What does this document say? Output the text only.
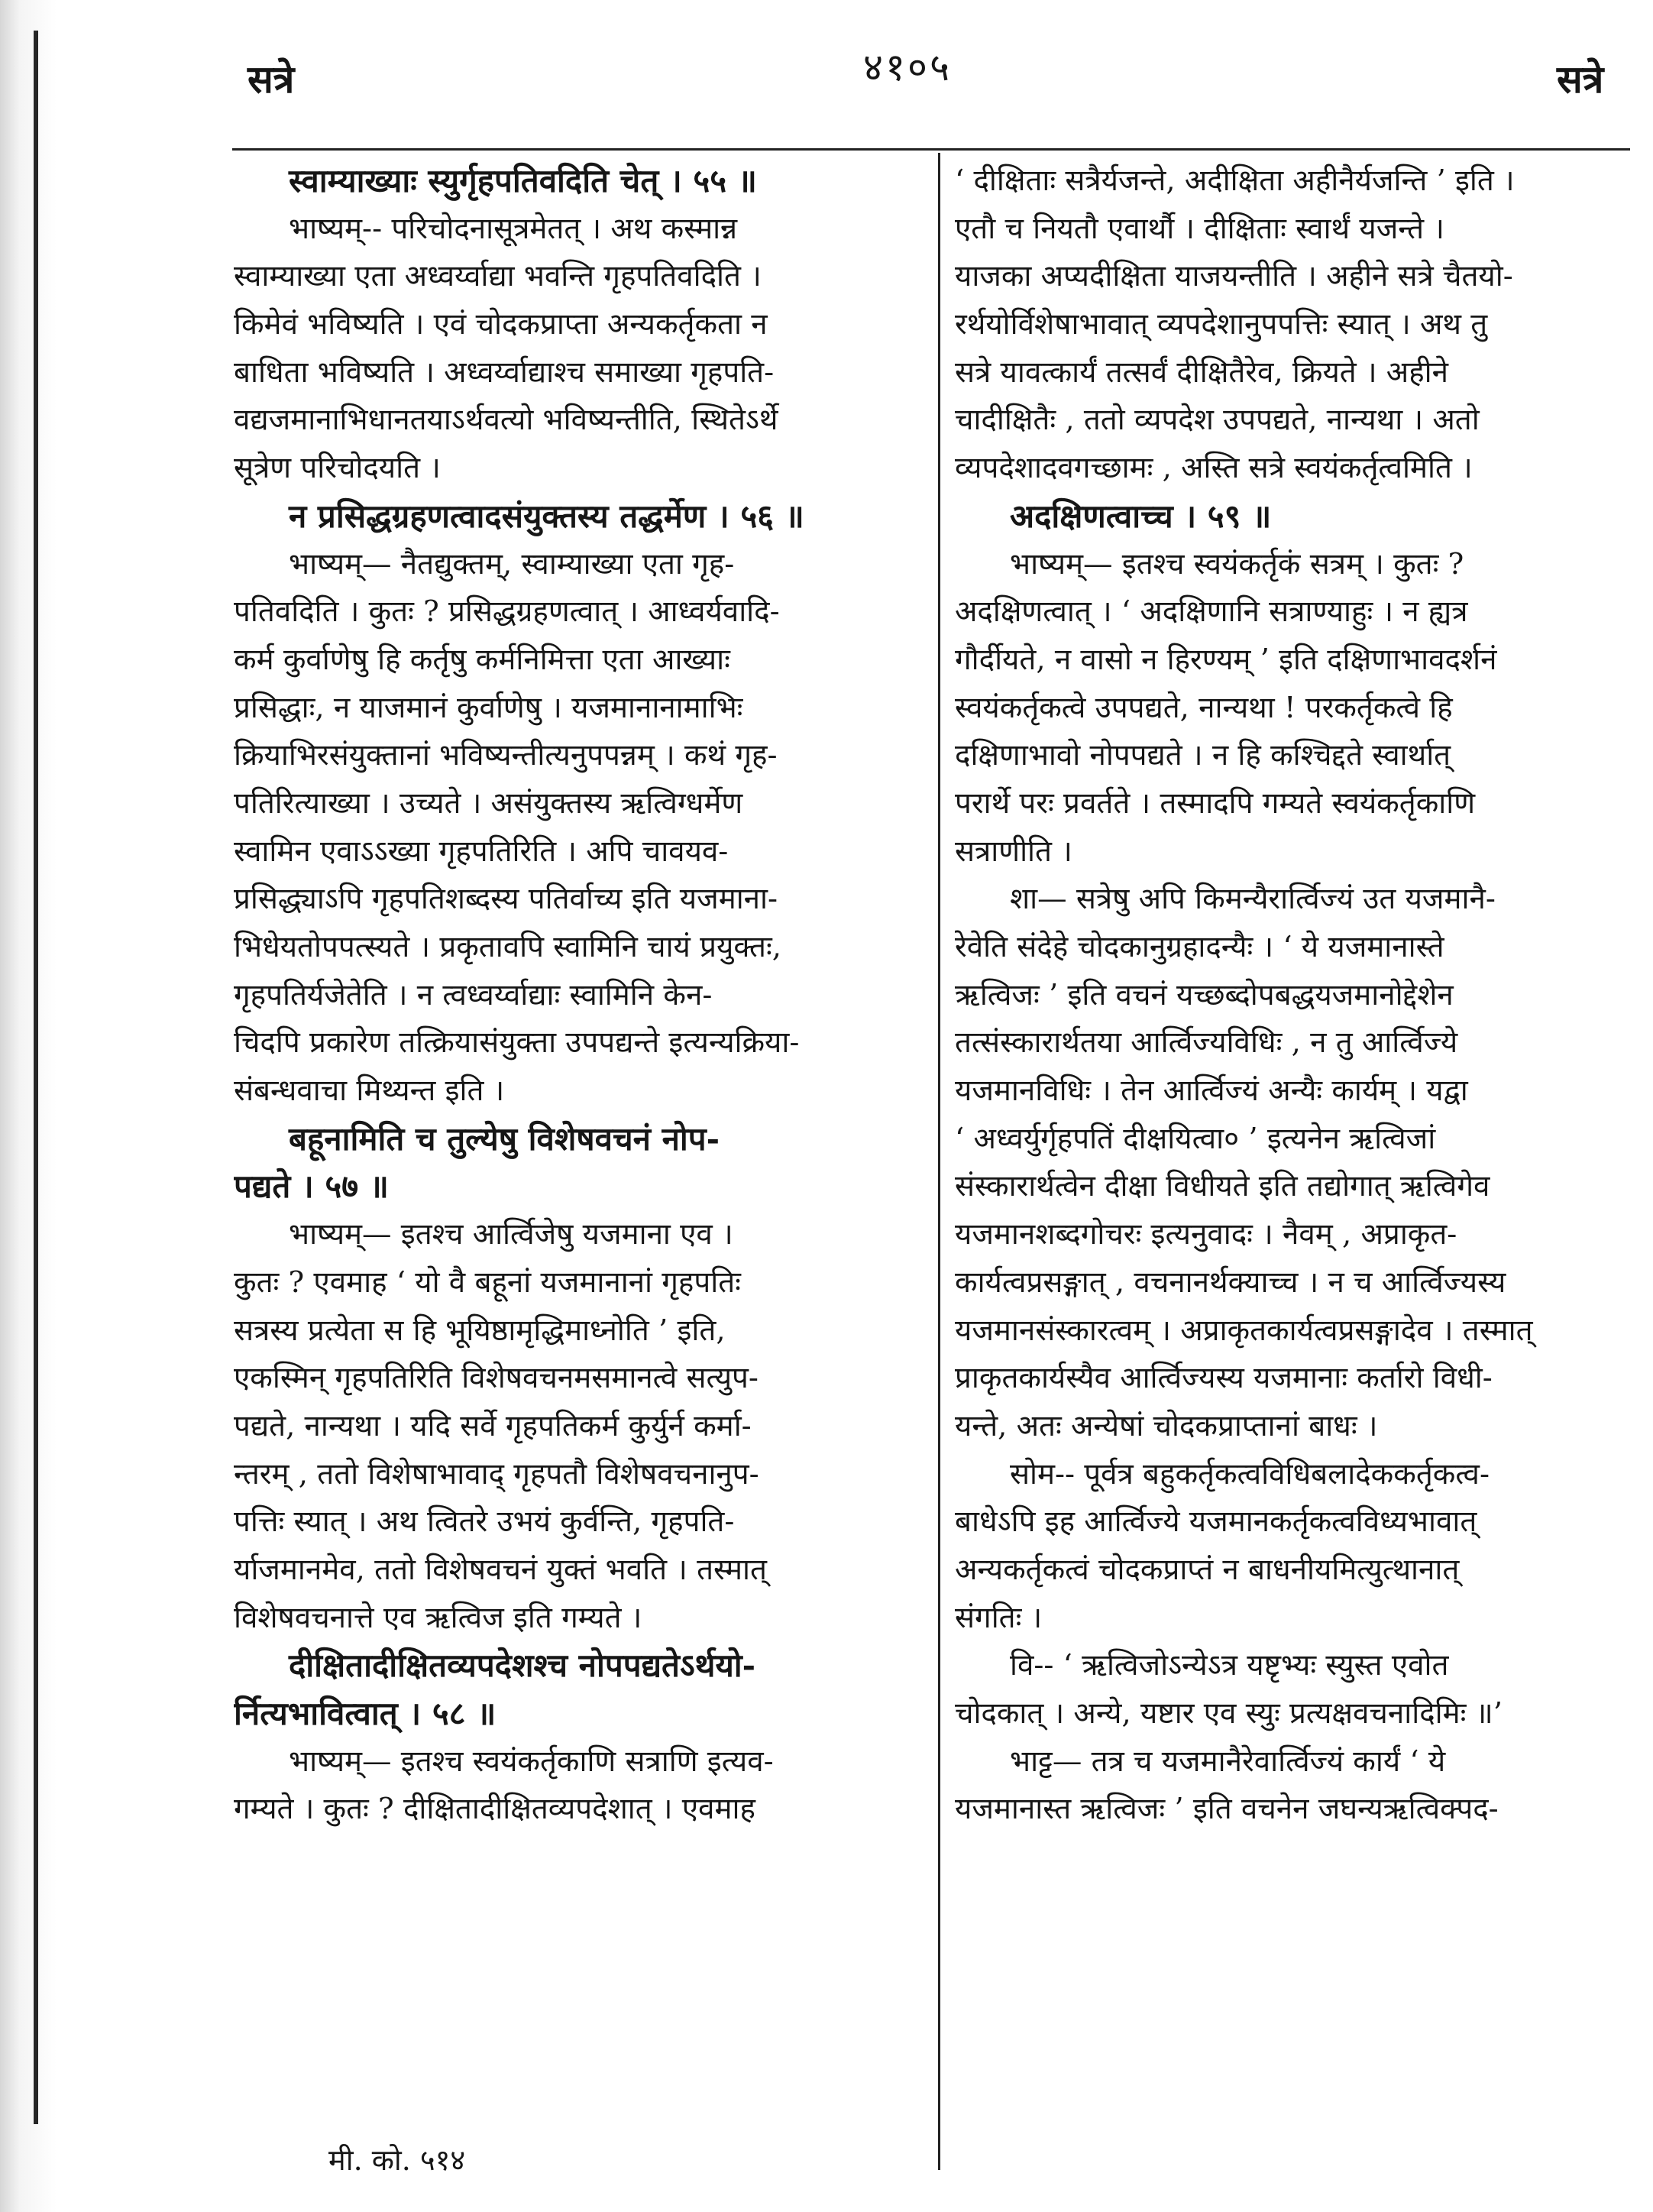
सत्रे	४१०५	सत्रे
स्वाम्याख्याः स्युर्गृहपतिवदिति चेत् । ५५ ॥
भाष्यम्-- परिचोदनासूत्रमेतत् । अथ कस्मान्न
स्वाम्याख्या एता अध्वर्य्वाद्या भवन्ति गृहपतिवदिति ।
किमेवं भविष्यति । एवं चोदकप्राप्ता अन्यकर्तृकता न
बाधिता भविष्यति । अध्वर्य्वाद्याश्च समाख्या गृहपति-
वद्यजमानाभिधानतयाऽर्थवत्यो भविष्यन्तीति, स्थितेऽर्थे
सूत्रेण परिचोदयति ।
न प्रसिद्धग्रहणत्वादसंयुक्तस्य तद्धर्मेण । ५६ ॥
भाष्यम्— नैतद्युक्तम्, स्वाम्याख्या एता गृह-
पतिवदिति । कुतः ? प्रसिद्धग्रहणत्वात् । आध्वर्यवादि-
कर्म कुर्वाणेषु हि कर्तृषु कर्मनिमित्ता एता आख्याः
प्रसिद्धाः, न याजमानं कुर्वाणेषु । यजमानानामाभिः
क्रियाभिरसंयुक्तानां भविष्यन्तीत्यनुपपन्नम् । कथं गृह-
पतिरित्याख्या । उच्यते । असंयुक्तस्य ऋत्विग्धर्मेण
स्वामिन एवाऽऽख्या गृहपतिरिति । अपि चावयव-
प्रसिद्ध्याऽपि गृहपतिशब्दस्य पतिर्वाच्य इति यजमाना-
भिधेयतोपपत्स्यते । प्रकृतावपि स्वामिनि चायं प्रयुक्तः,
गृहपतिर्यजेतेति । न त्वध्वर्य्वाद्याः स्वामिनि केन-
चिदपि प्रकारेण तत्क्रियासंयुक्ता उपपद्यन्ते इत्यन्यक्रिया-
संबन्धवाचा मिथ्यन्त इति ।
बहूनामिति च तुल्येषु विशेषवचनं नोप-
पद्यते । ५७ ॥
भाष्यम्— इतश्च आर्त्विजेषु यजमाना एव ।
कुतः ? एवमाह ‘ यो वै बहूनां यजमानानां गृहपतिः
सत्रस्य प्रत्येता स हि भूयिष्ठामृद्धिमाध्नोति ’ इति,
एकस्मिन् गृहपतिरिति विशेषवचनमसमानत्वे सत्युप-
पद्यते, नान्यथा । यदि सर्वे गृहपतिकर्म कुर्युर्न कर्मा-
न्तरम् , ततो विशेषाभावाद् गृहपतौ विशेषवचनानुप-
पत्तिः स्यात् । अथ त्वितरे उभयं कुर्वन्ति, गृहपति-
र्याजमानमेव, ततो विशेषवचनं युक्तं भवति । तस्मात्
विशेषवचनात्ते एव ऋत्विज इति गम्यते ।
दीक्षितादीक्षितव्यपदेशश्च नोपपद्यतेऽर्थयो-
र्नित्यभावित्वात् । ५८ ॥
भाष्यम्— इतश्च स्वयंकर्तृकाणि सत्राणि इत्यव-
गम्यते । कुतः ? दीक्षितादीक्षितव्यपदेशात् । एवमाह
‘ दीक्षिताः सत्रैर्यजन्ते, अदीक्षिता अहीनैर्यजन्ति ’ इति ।
एतौ च नियतौ एवार्थौ । दीक्षिताः स्वार्थं यजन्ते ।
याजका अप्यदीक्षिता याजयन्तीति । अहीने सत्रे चैतयो-
रर्थयोर्विशेषाभावात् व्यपदेशानुपपत्तिः स्यात् । अथ तु
सत्रे यावत्कार्यं तत्सर्वं दीक्षितैरेव, क्रियते । अहीने
चादीक्षितैः , ततो व्यपदेश उपपद्यते, नान्यथा । अतो
व्यपदेशादवगच्छामः , अस्ति सत्रे स्वयंकर्तृत्वमिति ।
अदक्षिणत्वाच्च । ५९ ॥
भाष्यम्— इतश्च स्वयंकर्तृकं सत्रम् । कुतः ?
अदक्षिणत्वात् । ‘ अदक्षिणानि सत्राण्याहुः । न ह्यत्र
गौर्दीयते, न वासो न हिरण्यम् ’ इति दक्षिणाभावदर्शनं
स्वयंकर्तृकत्वे उपपद्यते, नान्यथा ! परकर्तृकत्वे हि
दक्षिणाभावो नोपपद्यते । न हि कश्चिद्दते स्वार्थात्
परार्थे परः प्रवर्तते । तस्मादपि गम्यते स्वयंकर्तृकाणि
सत्राणीति ।
शा— सत्रेषु अपि किमन्यैरार्त्विज्यं उत यजमानै-
रेवेति संदेहे चोदकानुग्रहादन्यैः । ‘ ये यजमानास्ते
ऋत्विजः ’ इति वचनं यच्छब्दोपबद्धयजमानोद्देशेन
तत्संस्कारार्थतया आर्त्विज्यविधिः , न तु आर्त्विज्ये
यजमानविधिः । तेन आर्त्विज्यं अन्यैः कार्यम् । यद्वा
‘ अध्वर्युर्गृहपतिं दीक्षयित्वा० ’ इत्यनेन ऋत्विजां
संस्कारार्थत्वेन दीक्षा विधीयते इति तद्योगात् ऋत्विगेव
यजमानशब्दगोचरः इत्यनुवादः । नैवम् , अप्राकृत-
कार्यत्वप्रसङ्गात् , वचनानर्थक्याच्च । न च आर्त्विज्यस्य
यजमानसंस्कारत्वम् । अप्राकृतकार्यत्वप्रसङ्गादेव । तस्मात्
प्राकृतकार्यस्यैव आर्त्विज्यस्य यजमानाः कर्तारो विधी-
यन्ते, अतः अन्येषां चोदकप्राप्तानां बाधः ।
सोम-- पूर्वत्र बहुकर्तृकत्वविधिबलादेककर्तृकत्व-
बाधेऽपि इह आर्त्विज्ये यजमानकर्तृकत्वविध्यभावात्
अन्यकर्तृकत्वं चोदकप्राप्तं न बाधनीयमित्युत्थानात्
संगतिः ।
वि-- ‘ ऋत्विजोऽन्येऽत्र यष्टृभ्यः स्युस्त एवोत
चोदकात् । अन्ये, यष्टार एव स्युः प्रत्यक्षवचनादिमिः ॥’
भाट्ट— तत्र च यजमानैरेवार्त्विज्यं कार्यं ‘ ये
यजमानास्त ऋत्विजः ’ इति वचनेन जघन्यऋत्विक्पद-
मी. को. ५१४
